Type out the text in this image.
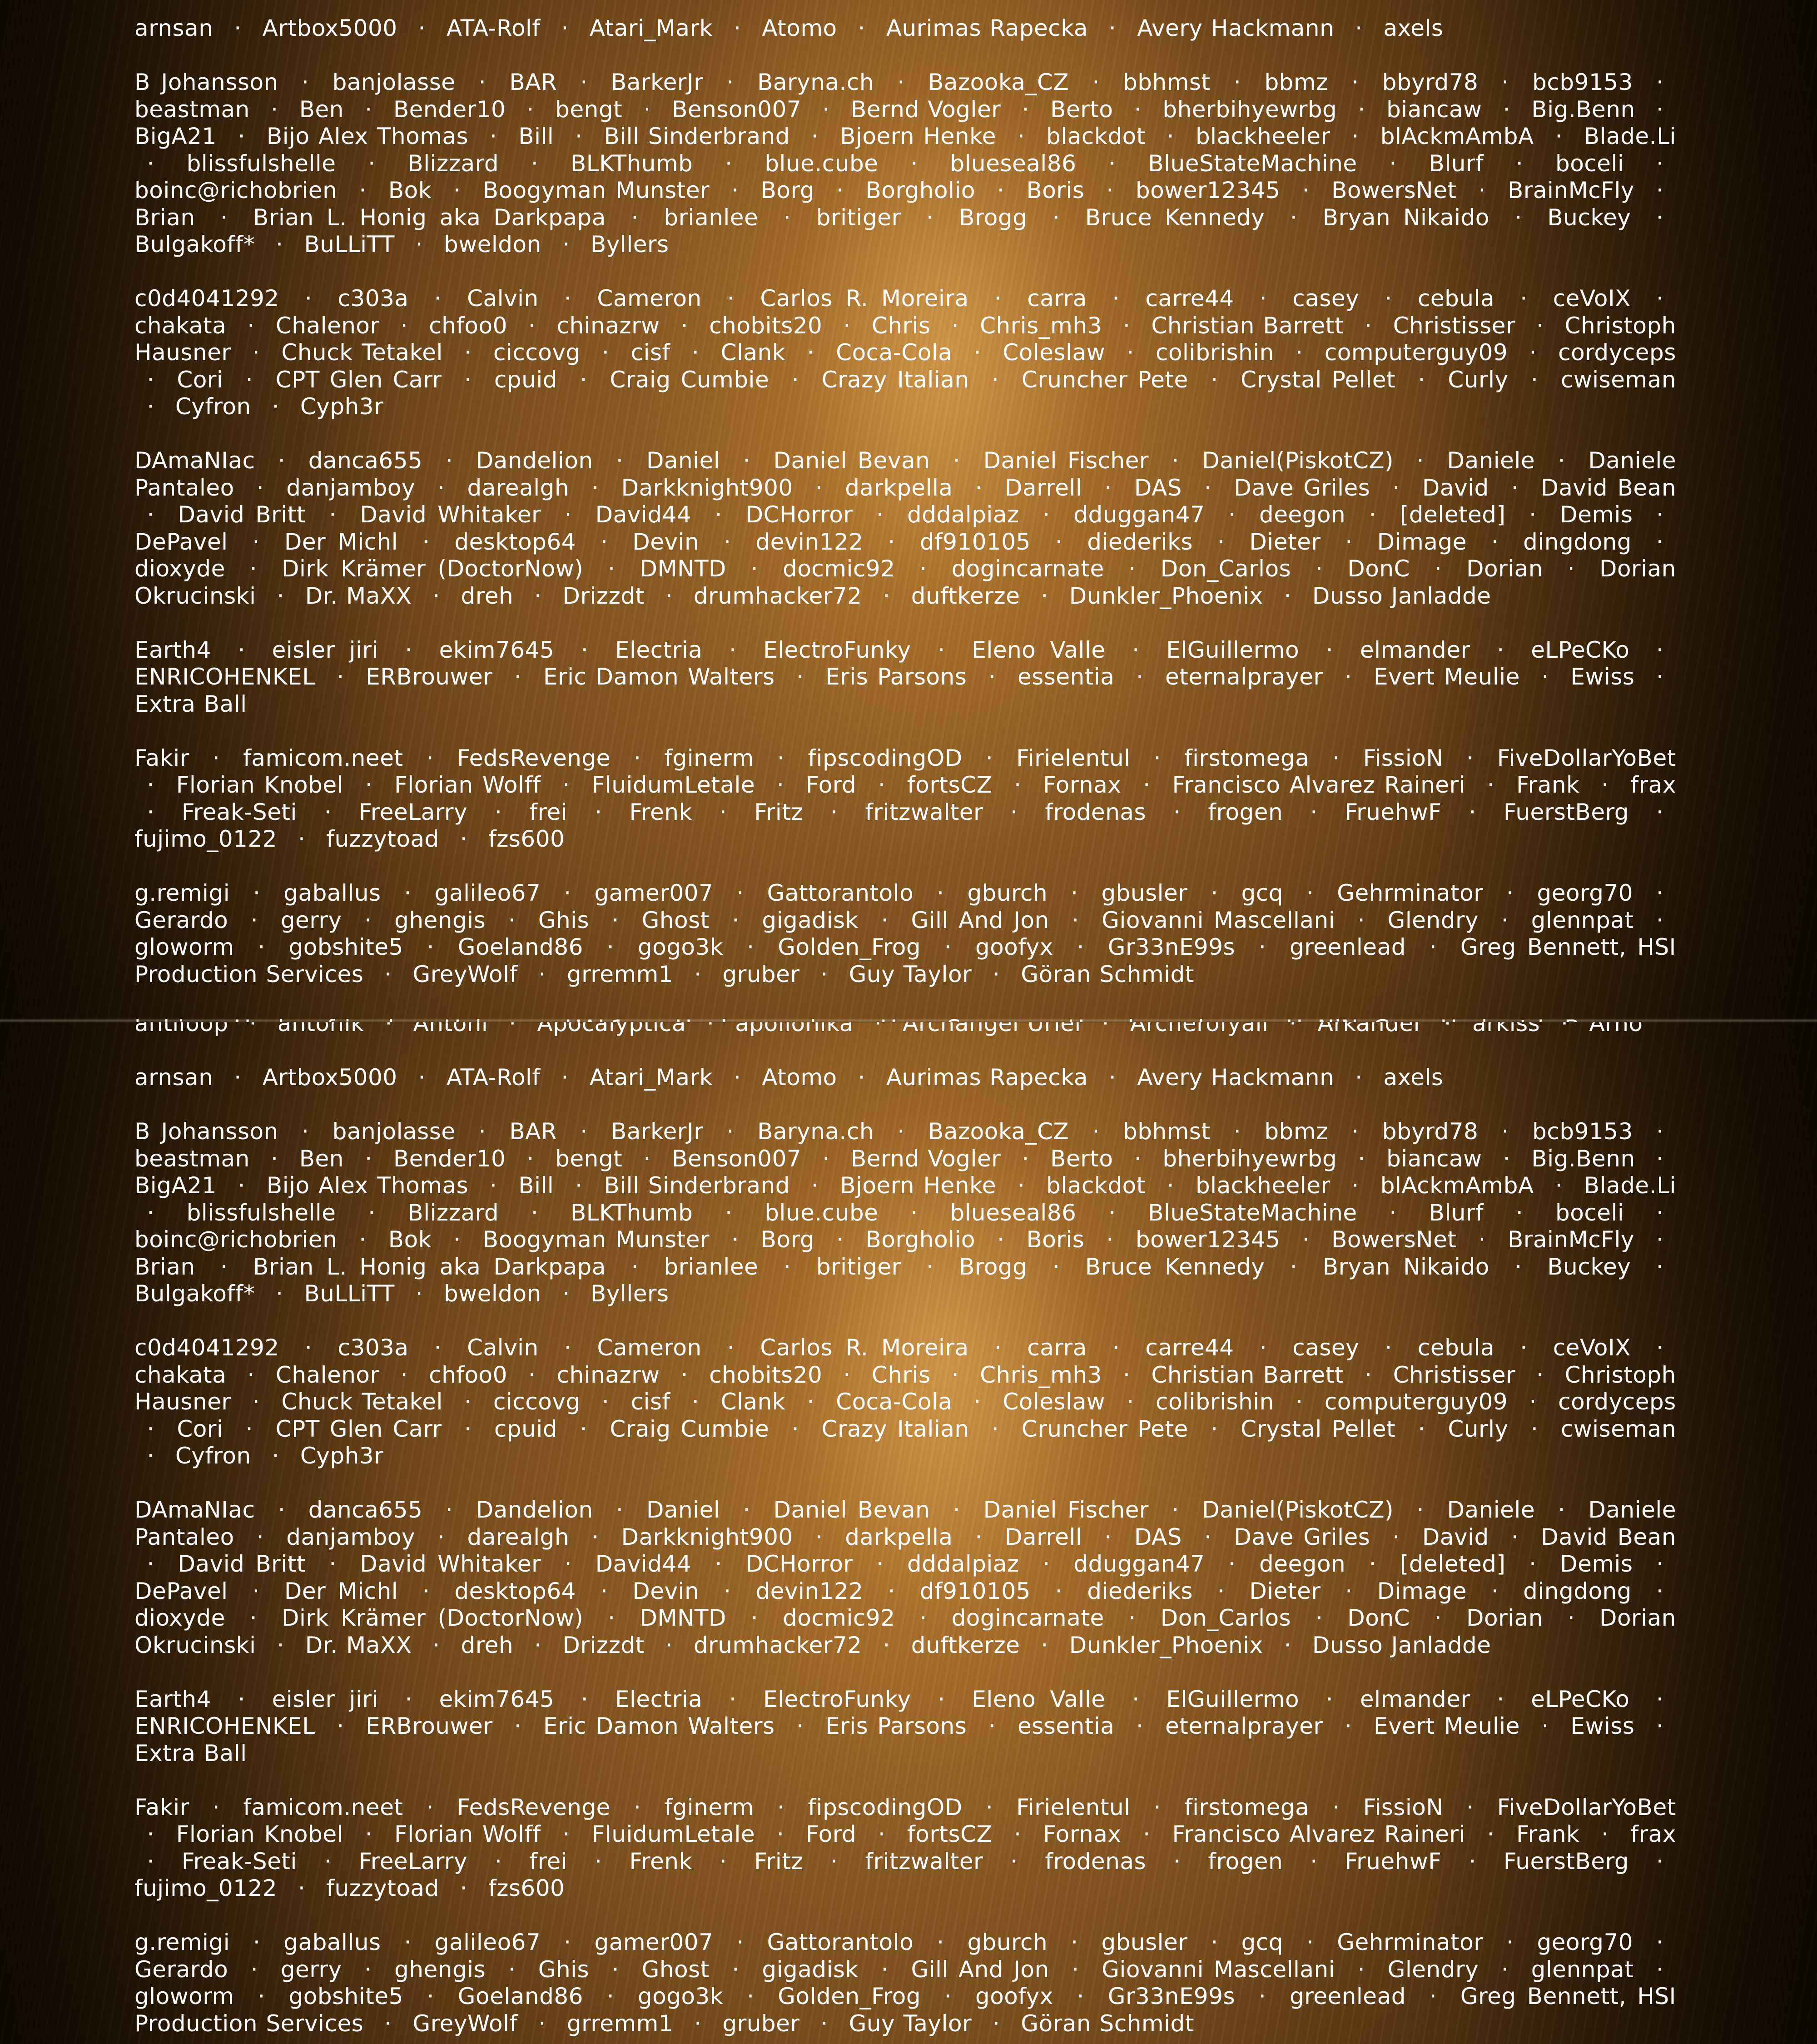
arnsan · Artbox5000 · ATA-Rolf · Atari_Mark · Atomo · Aurimas Rapecka · Avery Hackmann · axels
B Johansson · banjolasse · BAR · BarkerJr · Baryna.ch · Bazooka_CZ · bbhmst · bbmz · bbyrd78 · bcb9153 · beastman · Ben · Bender10 · bengt · Benson007 · Bernd Vogler · Berto · bherbihyewrbg · biancaw · Big.Benn · BigA21 · Bijo Alex Thomas · Bill · Bill Sinderbrand · Bjoern Henke · blackdot · blackheeler · blAckmAmbA · Blade.Li · blissfulshelle · Blizzard · BLKThumb · blue.cube · blueseal86 · BlueStateMachine · Blurf · boceli · boinc@richobrien · Bok · Boogyman Munster · Borg · Borgholio · Boris · bower12345 · BowersNet · BrainMcFly · Brian · Brian L. Honig aka Darkpapa · brianlee · britiger · Brogg · Bruce Kennedy · Bryan Nikaido · Buckey · Bulgakoff* · BuLLiTT · bweldon · Byllers
c0d4041292 · c303a · Calvin · Cameron · Carlos R. Moreira · carra · carre44 · casey · cebula · ceVoIX · chakata · Chalenor · chfoo0 · chinazrw · chobits20 · Chris · Chris_mh3 · Christian Barrett · Christisser · Christoph Hausner · Chuck Tetakel · ciccovg · cisf · Clank · Coca-Cola · Coleslaw · colibrishin · computerguy09 · cordyceps · Cori · CPT Glen Carr · cpuid · Craig Cumbie · Crazy Italian · Cruncher Pete · Crystal Pellet · Curly · cwiseman · Cyfron · Cyph3r
DAmaNIac · danca655 · Dandelion · Daniel · Daniel Bevan · Daniel Fischer · Daniel(PiskotCZ) · Daniele · Daniele Pantaleo · danjamboy · darealgh · Darkknight900 · darkpella · Darrell · DAS · Dave Griles · David · David Bean · David Britt · David Whitaker · David44 · DCHorror · dddalpiaz · dduggan47 · deegon · [deleted] · Demis · DePavel · Der Michl · desktop64 · Devin · devin122 · df910105 · diederiks · Dieter · Dimage · dingdong · dioxyde · Dirk Krämer (DoctorNow) · DMNTD · docmic92 · dogincarnate · Don_Carlos · DonC · Dorian · Dorian Okrucinski · Dr. MaXX · dreh · Drizzdt · drumhacker72 · duftkerze · Dunkler_Phoenix · Dusso Janladde
Earth4 · eisler jiri · ekim7645 · Electria · ElectroFunky · Eleno Valle · ElGuillermo · elmander · eLPeCKo · ENRICOHENKEL · ERBrouwer · Eric Damon Walters · Eris Parsons · essentia · eternalprayer · Evert Meulie · Ewiss · Extra Ball
Fakir · famicom.neet · FedsRevenge · fginerm · fipscodingOD · Firielentul · firstomega · FissioN · FiveDollarYoBet · Florian Knobel · Florian Wolff · FluidumLetale · Ford · fortsCZ · Fornax · Francisco Alvarez Raineri · Frank · frax · Freak-Seti · FreeLarry · frei · Frenk · Fritz · fritzwalter · frodenas · frogen · FruehwF · FuerstBerg · fujimo_0122 · fuzzytoad · fzs600
g.remigi · gaballus · galileo67 · gamer007 · Gattorantolo · gburch · gbusler · gcq · Gehrminator · georg70 · Gerardo · gerry · ghengis · Ghis · Ghost · gigadisk · Gill And Jon · Giovanni Mascellani · Glendry · glennpat · gloworm · gobshite5 · Goeland86 · gogo3k · Golden_Frog · goofyx · Gr33nE99s · greenlead · Greg Bennett, HSI Production Services · GreyWolf · grremm1 · gruber · Guy Taylor · Göran Schmidt
antiloop · antonik · Antoni · Apocalyptica · apollonika · Archangel Uriel · Archerofyail · Arkander · arkiss · Arno
arnsan · Artbox5000 · ATA-Rolf · Atari_Mark · Atomo · Aurimas Rapecka · Avery Hackmann · axels
B Johansson · banjolasse · BAR · BarkerJr · Baryna.ch · Bazooka_CZ · bbhmst · bbmz · bbyrd78 · bcb9153 · beastman · Ben · Bender10 · bengt · Benson007 · Bernd Vogler · Berto · bherbihyewrbg · biancaw · Big.Benn · BigA21 · Bijo Alex Thomas · Bill · Bill Sinderbrand · Bjoern Henke · blackdot · blackheeler · blAckmAmbA · Blade.Li · blissfulshelle · Blizzard · BLKThumb · blue.cube · blueseal86 · BlueStateMachine · Blurf · boceli · boinc@richobrien · Bok · Boogyman Munster · Borg · Borgholio · Boris · bower12345 · BowersNet · BrainMcFly · Brian · Brian L. Honig aka Darkpapa · brianlee · britiger · Brogg · Bruce Kennedy · Bryan Nikaido · Buckey · Bulgakoff* · BuLLiTT · bweldon · Byllers
c0d4041292 · c303a · Calvin · Cameron · Carlos R. Moreira · carra · carre44 · casey · cebula · ceVoIX · chakata · Chalenor · chfoo0 · chinazrw · chobits20 · Chris · Chris_mh3 · Christian Barrett · Christisser · Christoph Hausner · Chuck Tetakel · ciccovg · cisf · Clank · Coca-Cola · Coleslaw · colibrishin · computerguy09 · cordyceps · Cori · CPT Glen Carr · cpuid · Craig Cumbie · Crazy Italian · Cruncher Pete · Crystal Pellet · Curly · cwiseman · Cyfron · Cyph3r
DAmaNIac · danca655 · Dandelion · Daniel · Daniel Bevan · Daniel Fischer · Daniel(PiskotCZ) · Daniele · Daniele Pantaleo · danjamboy · darealgh · Darkknight900 · darkpella · Darrell · DAS · Dave Griles · David · David Bean · David Britt · David Whitaker · David44 · DCHorror · dddalpiaz · dduggan47 · deegon · [deleted] · Demis · DePavel · Der Michl · desktop64 · Devin · devin122 · df910105 · diederiks · Dieter · Dimage · dingdong · dioxyde · Dirk Krämer (DoctorNow) · DMNTD · docmic92 · dogincarnate · Don_Carlos · DonC · Dorian · Dorian Okrucinski · Dr. MaXX · dreh · Drizzdt · drumhacker72 · duftkerze · Dunkler_Phoenix · Dusso Janladde
Earth4 · eisler jiri · ekim7645 · Electria · ElectroFunky · Eleno Valle · ElGuillermo · elmander · eLPeCKo · ENRICOHENKEL · ERBrouwer · Eric Damon Walters · Eris Parsons · essentia · eternalprayer · Evert Meulie · Ewiss · Extra Ball
Fakir · famicom.neet · FedsRevenge · fginerm · fipscodingOD · Firielentul · firstomega · FissioN · FiveDollarYoBet · Florian Knobel · Florian Wolff · FluidumLetale · Ford · fortsCZ · Fornax · Francisco Alvarez Raineri · Frank · frax · Freak-Seti · FreeLarry · frei · Frenk · Fritz · fritzwalter · frodenas · frogen · FruehwF · FuerstBerg · fujimo_0122 · fuzzytoad · fzs600
g.remigi · gaballus · galileo67 · gamer007 · Gattorantolo · gburch · gbusler · gcq · Gehrminator · georg70 · Gerardo · gerry · ghengis · Ghis · Ghost · gigadisk · Gill And Jon · Giovanni Mascellani · Glendry · glennpat · gloworm · gobshite5 · Goeland86 · gogo3k · Golden_Frog · goofyx · Gr33nE99s · greenlead · Greg Bennett, HSI Production Services · GreyWolf · grremm1 · gruber · Guy Taylor · Göran Schmidt
